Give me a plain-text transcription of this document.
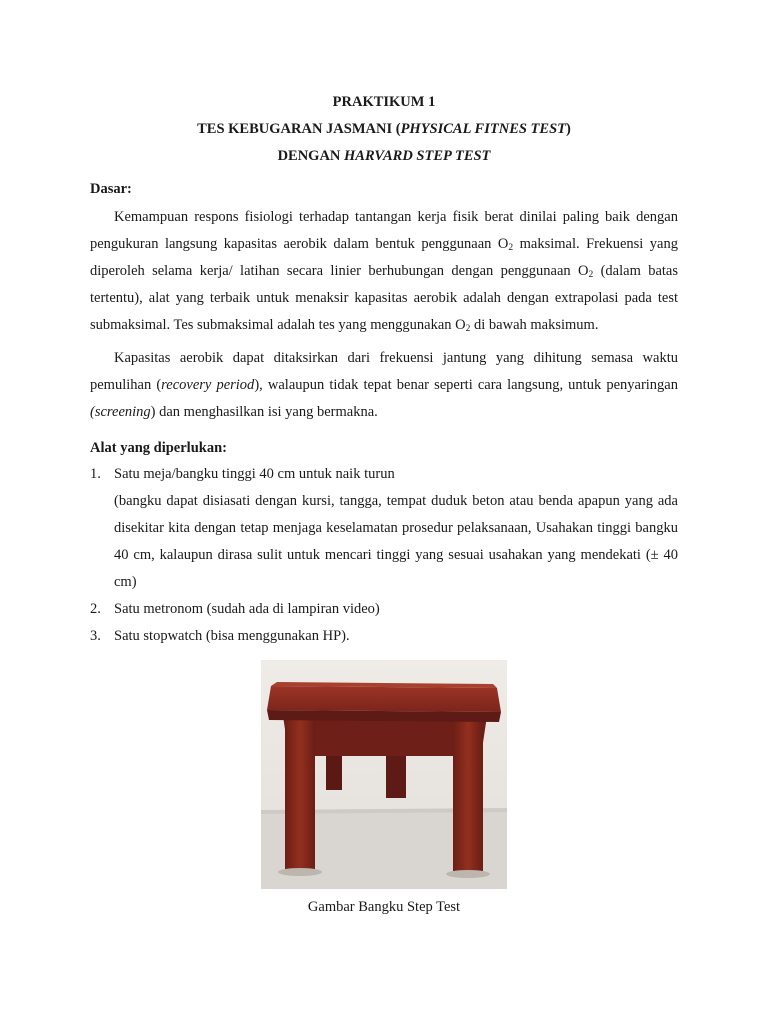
PRAKTIKUM 1
TES KEBUGARAN JASMANI (PHYSICAL FITNES TEST)
DENGAN HARVARD STEP TEST
Dasar:

Kemampuan respons fisiologi terhadap tantangan kerja fisik berat dinilai paling baik dengan pengukuran langsung kapasitas aerobik dalam bentuk penggunaan $O_2$ maksimal. Frekuensi yang diperoleh selama kerja/ latihan secara linier berhubungan dengan penggunaan $O_2$ (dalam batas tertentu), alat yang terbaik untuk menaksir kapasitas aerobik adalah dengan extrapolasi pada test submaksimal. Tes submaksimal adalah tes yang menggunakan $O_2$ di bawah maksimum.

Kapasitas aerobik dapat ditaksirkan dari frekuensi jantung yang dihitung semasa waktu pemulihan (recovery period), walaupun tidak tepat benar seperti cara langsung, untuk penyaringan (screening) dan menghasilkan isi yang bermakna.

Alat yang diperlukan:
1. Satu meja/bangku tinggi 40 cm untuk naik turun
(bangku dapat disiasati dengan kursi, tangga, tempat duduk beton atau benda apapun yang ada disekitar kita dengan tetap menjaga keselamatan prosedur pelaksanaan, Usahakan tinggi bangku 40 cm, kalaupun dirasa sulit untuk mencari tinggi yang sesuai usahakan yang mendekati (± 40 cm)
2. Satu metronom (sudah ada di lampiran video)
3. Satu stopwatch (bisa menggunakan HP).
Gambar Bangku Step Test
